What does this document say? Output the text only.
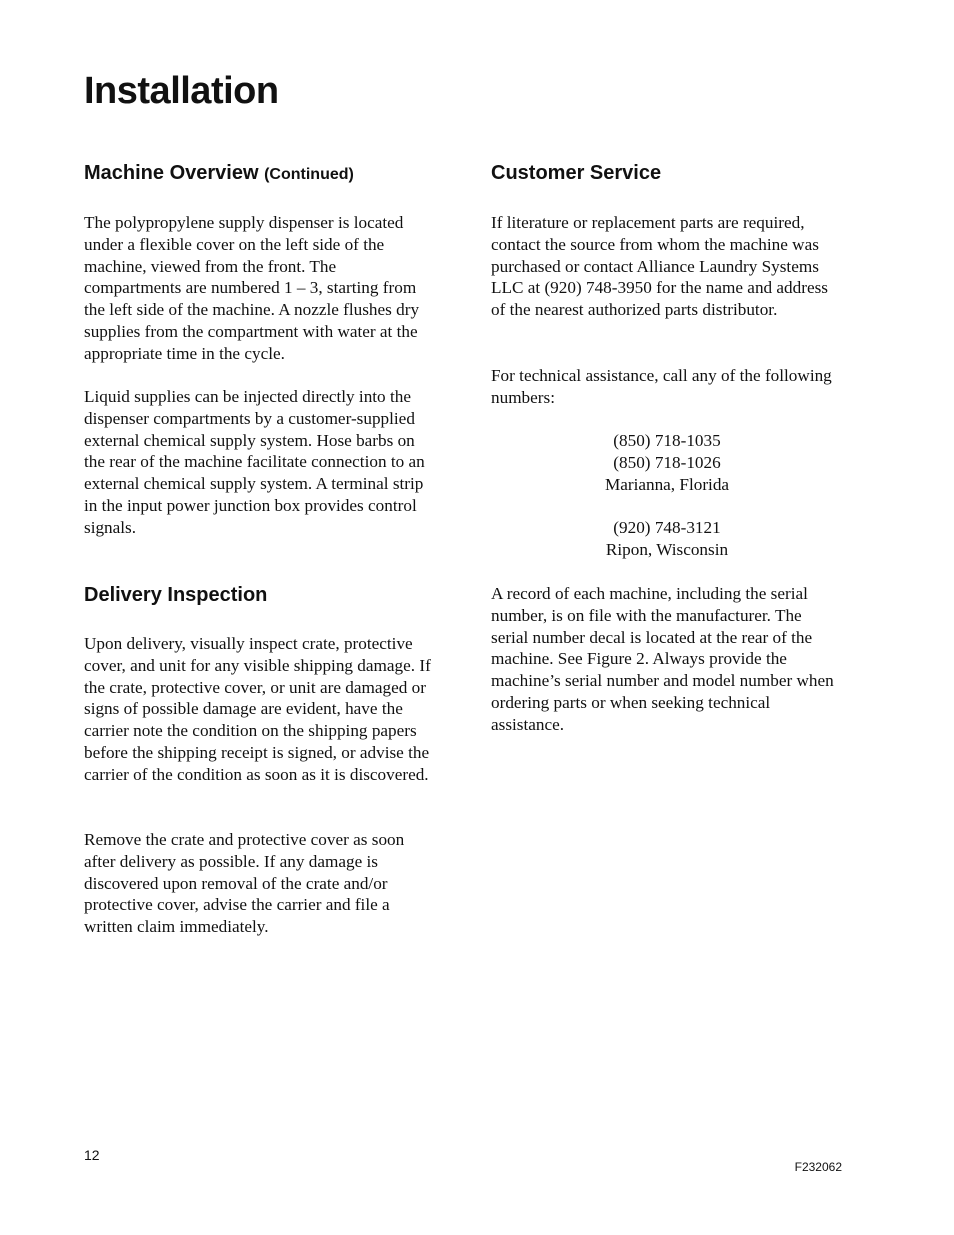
Installation
Machine Overview (Continued)

The polypropylene supply dispenser is located under a flexible cover on the left side of the machine, viewed from the front. The compartments are numbered 1 – 3, starting from the left side of the machine. A nozzle flushes dry supplies from the compartment with water at the appropriate time in the cycle.

Liquid supplies can be injected directly into the dispenser compartments by a customer-supplied external chemical supply system. Hose barbs on the rear of the machine facilitate connection to an external chemical supply system. A terminal strip in the input power junction box provides control signals.

Delivery Inspection

Upon delivery, visually inspect crate, protective cover, and unit for any visible shipping damage. If the crate, protective cover, or unit are damaged or signs of possible damage are evident, have the carrier note the condition on the shipping papers before the shipping receipt is signed, or advise the carrier of the condition as soon as it is discovered.

Remove the crate and protective cover as soon after delivery as possible. If any damage is discovered upon removal of the crate and/or protective cover, advise the carrier and file a written claim immediately.

Customer Service

If literature or replacement parts are required, contact the source from whom the machine was purchased or contact Alliance Laundry Systems LLC at (920) 748-3950 for the name and address of the nearest authorized parts distributor.

For technical assistance, call any of the following numbers:

(850) 718-1035
(850) 718-1026
Marianna, Florida
(920) 748-3121
Ripon, Wisconsin

A record of each machine, including the serial number, is on file with the manufacturer. The serial number decal is located at the rear of the machine. See Figure 2. Always provide the machine’s serial number and model number when ordering parts or when seeking technical assistance.

12
F232062
